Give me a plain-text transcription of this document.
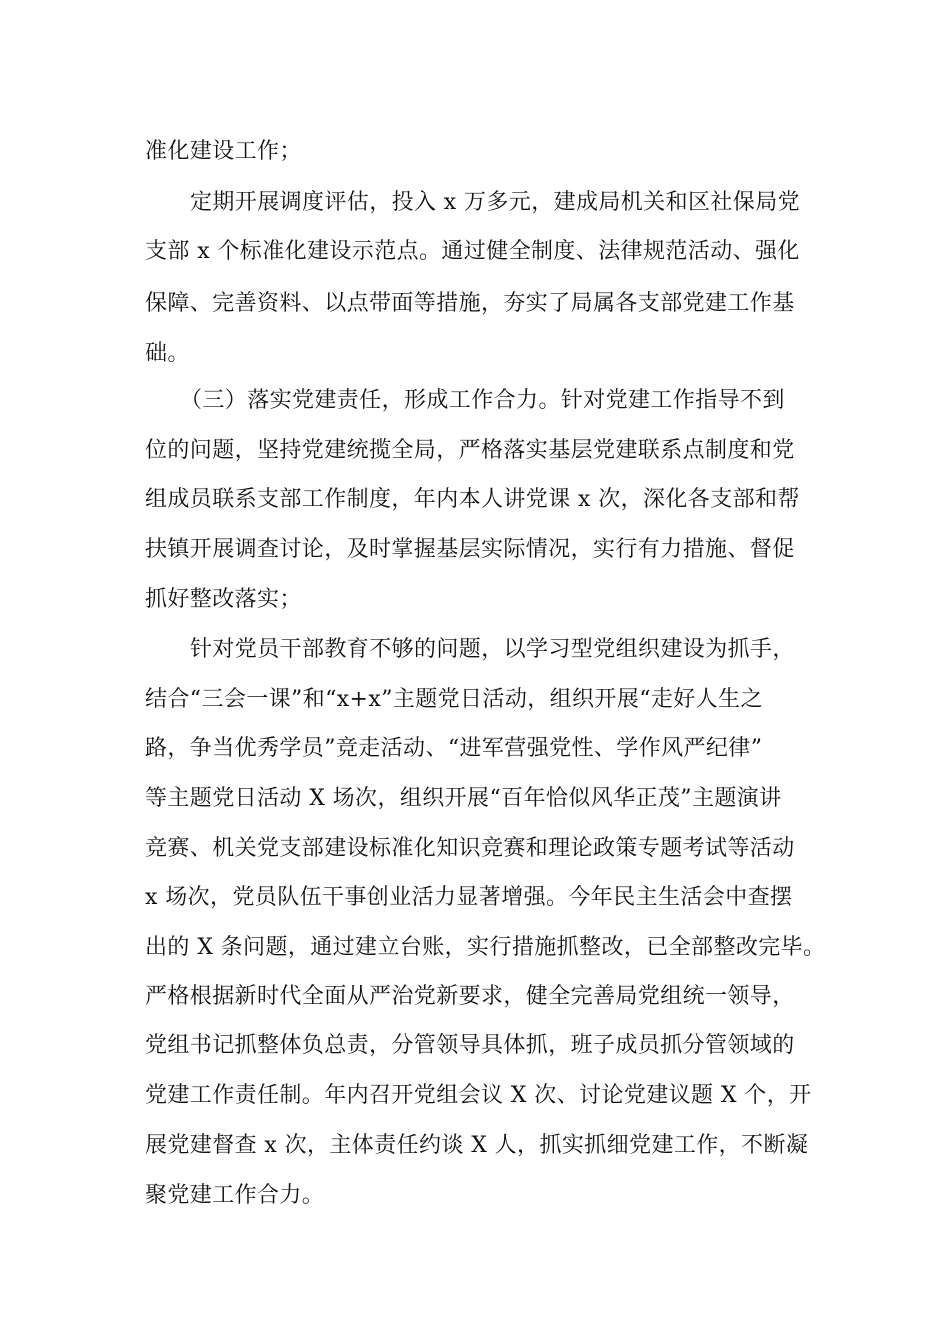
准化建设工作；
定期开展调度评估，投入 x 万多元，建成局机关和区社保局党
支部 x 个标准化建设示范点。通过健全制度、法律规范活动、强化
保障、完善资料、以点带面等措施，夯实了局属各支部党建工作基
础。
（三）落实党建责任，形成工作合力。针对党建工作指导不到
位的问题，坚持党建统揽全局，严格落实基层党建联系点制度和党
组成员联系支部工作制度，年内本人讲党课 x 次，深化各支部和帮
扶镇开展调查讨论，及时掌握基层实际情况，实行有力措施、督促
抓好整改落实；
针对党员干部教育不够的问题，以学习型党组织建设为抓手，
结合“三会一课”和“x+x”主题党日活动，组织开展“走好人生之
路，争当优秀学员”竞走活动、“进军营强党性、学作风严纪律”
等主题党日活动 X 场次，组织开展“百年恰似风华正茂”主题演讲
竞赛、机关党支部建设标准化知识竞赛和理论政策专题考试等活动
x 场次，党员队伍干事创业活力显著增强。今年民主生活会中查摆
出的 X 条问题，通过建立台账，实行措施抓整改，已全部整改完毕。
严格根据新时代全面从严治党新要求，健全完善局党组统一领导，
党组书记抓整体负总责，分管领导具体抓，班子成员抓分管领域的
党建工作责任制。年内召开党组会议 X 次、讨论党建议题 X 个，开
展党建督查 x 次，主体责任约谈 X 人，抓实抓细党建工作，不断凝
聚党建工作合力。
